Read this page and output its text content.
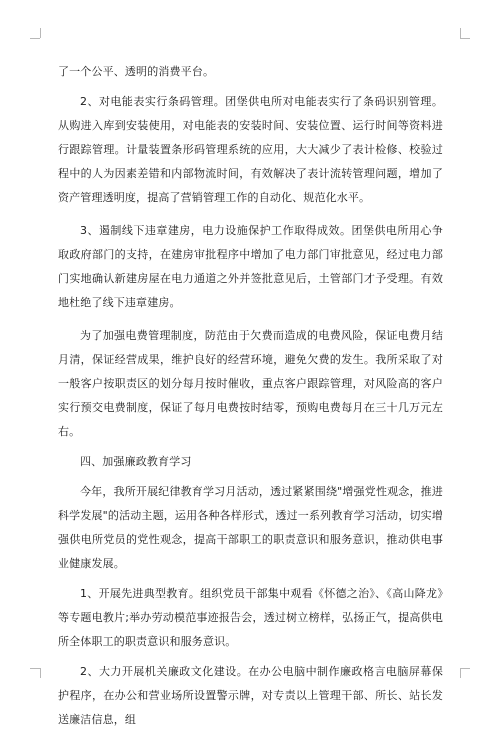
了一个公平、透明的消费平台。

2、对电能表实行条码管理。团堡供电所对电能表实行了条码识别管理。从购进入库到安装使用，对电能表的安装时间、安装位置、运行时间等资料进行跟踪管理。计量装置条形码管理系统的应用，大大减少了表计检修、校验过程中的人为因素差错和内部物流时间，有效解决了表计流转管理问题，增加了资产管理透明度，提高了营销管理工作的自动化、规范化水平。

3、遏制线下违章建房，电力设施保护工作取得成效。团堡供电所用心争取政府部门的支持，在建房审批程序中增加了电力部门审批意见，经过电力部门实地确认新建房屋在电力通道之外并签批意见后，土管部门才予受理。有效地杜绝了线下违章建房。

为了加强电费管理制度，防范由于欠费而造成的电费风险，保证电费月结月清，保证经营成果，维护良好的经营环境，避免欠费的发生。我所采取了对一般客户按职责区的划分每月按时催收，重点客户跟踪管理，对风险高的客户实行预交电费制度，保证了每月电费按时结零，预购电费每月在三十几万元左右。

四、加强廉政教育学习

今年，我所开展纪律教育学习月活动，透过紧紧围绕"增强党性观念，推进科学发展"的活动主题，运用各种各样形式，透过一系列教育学习活动，切实增强供电所党员的党性观念，提高干部职工的职责意识和服务意识，推动供电事业健康发展。

1、开展先进典型教育。组织党员干部集中观看《怀德之治》、《高山降龙》等专题电教片;举办劳动模范事迹报告会，透过树立榜样，弘扬正气，提高供电所全体职工的职责意识和服务意识。

2、大力开展机关廉政文化建设。在办公电脑中制作廉政格言电脑屏幕保护程序，在办公和营业场所设置警示牌，对专责以上管理干部、所长、站长发送廉洁信息，组
